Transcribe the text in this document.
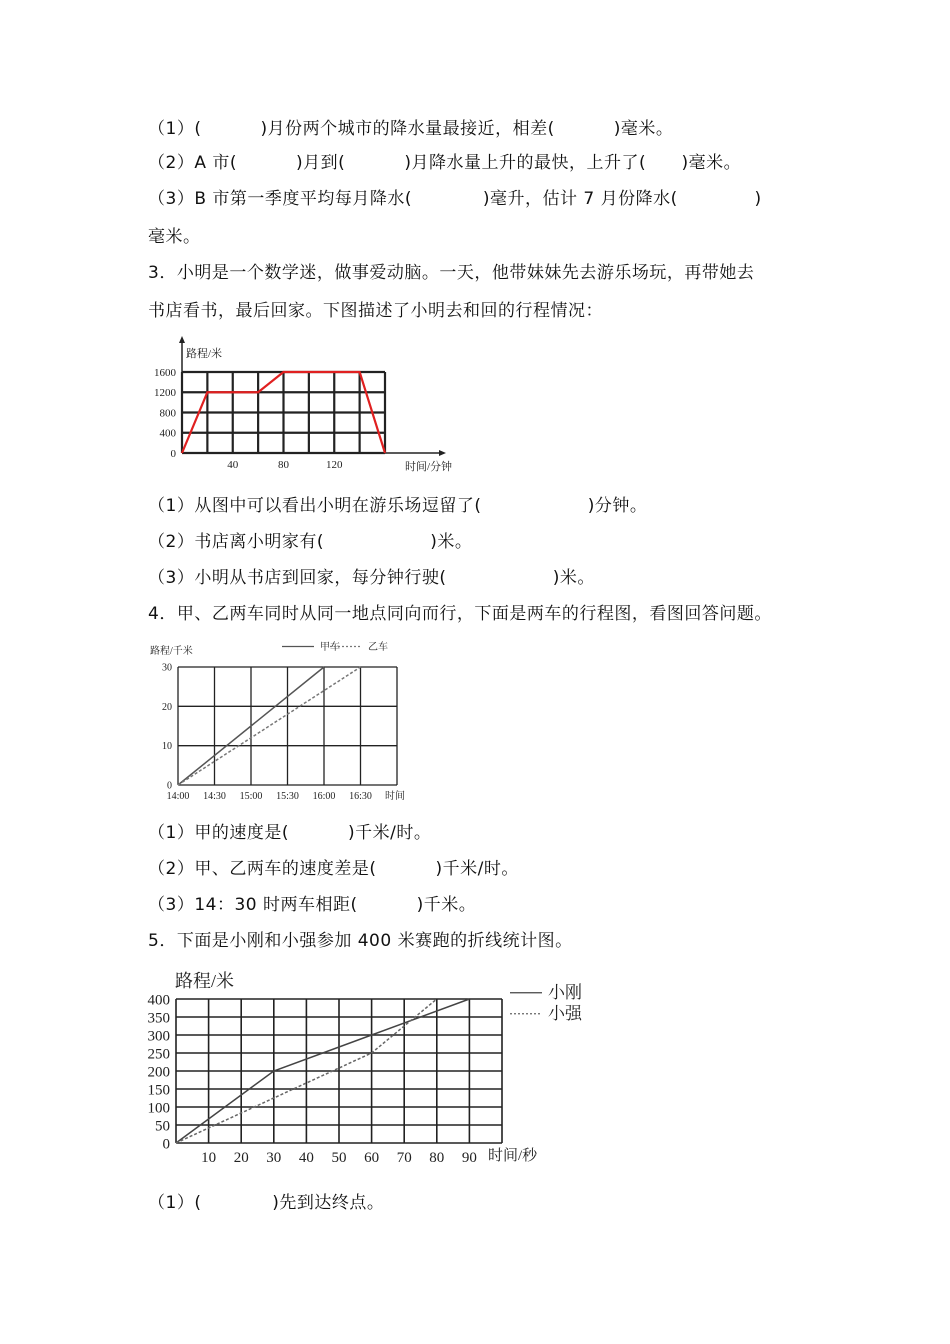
（1）(          )月份两个城市的降水量最接近，相差(          )毫米。
（2）A 市(          )月到(          )月降水量上升的最快，上升了(      )毫米。
（3）B 市第一季度平均每月降水(            )毫升，估计 7 月份降水(             )
毫米。
3．小明是一个数学迷，做事爱动脑。一天，他带妹妹先去游乐场玩，再带她去
书店看书，最后回家。下图描述了小明去和回的行程情况：
0
400
800
1200
1600
40	80	120	时间/分钟
路程/米
（1）从图中可以看出小明在游乐场逗留了(                  )分钟。
（2）书店离小明家有(                  )米。
（3）小明从书店到回家，每分钟行驶(                  )米。
4．甲、乙两车同时从同一地点同向而行，下面是两车的行程图，看图回答问题。
0
10
20
30
14:00 14:30 15:00 15:30 16:00 16:30 时间
路程/千米	甲车	乙车
（1）甲的速度是(          )千米/时。
（2）甲、乙两车的速度差是(          )千米/时。
（3）14：30 时两车相距(          )千米。
5．下面是小刚和小强参加 400 米赛跑的折线统计图。
0
50
100
150
200
250
300
350
400
10 20 30 40 50 60 70 80 90 时间/秒
路程/米
小刚
小强
（1）(            )先到达终点。
